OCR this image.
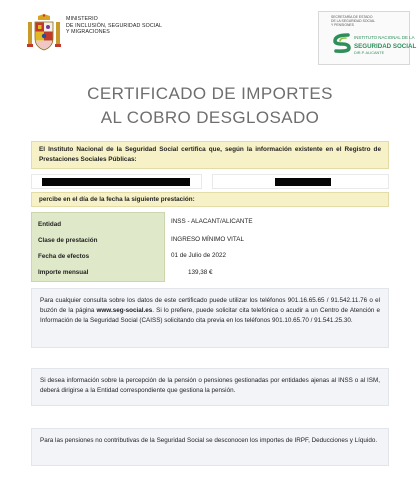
MINISTERIO
DE INCLUSIÓN, SEGURIDAD SOCIAL
Y MIGRACIONES
SECRETARÍA DE ESTADO
DE LA SEGURIDAD SOCIAL
Y PENSIONES
INSTITUTO NACIONAL DE LA
SEGURIDAD SOCIAL
DIR.P. ALICANTE
CERTIFICADO DE IMPORTES
AL COBRO DESGLOSADO
El Instituto Nacional de la Seguridad Social certifica que, según la información existente en el Registro de Prestaciones Sociales Públicas:
percibe en el día de la fecha la siguiente prestación:
Entidad
Clase de prestación
Fecha de efectos
Importe mensual
INSS - ALACANT/ALICANTE
INGRESO MÍNIMO VITAL
01 de Julio de 2022
139,38 €
Para cualquier consulta sobre los datos de este certificado puede utilizar los teléfonos 901.16.65.65 / 91.542.11.76 o el buzón de la página www.seg-social.es. Si lo prefiere, puede solicitar cita telefónica o acudir a un Centro de Atención e Información de la Seguridad Social (CAISS) solicitando cita previa en los teléfonos 901.10.65.70 / 91.541.25.30.
Si desea información sobre la percepción de la pensión o pensiones gestionadas por entidades ajenas al INSS o al ISM, deberá dirigirse a la Entidad correspondiente que gestiona la pensión.
Para las pensiones no contributivas de la Seguridad Social se desconocen los importes de IRPF, Deducciones y Líquido.
